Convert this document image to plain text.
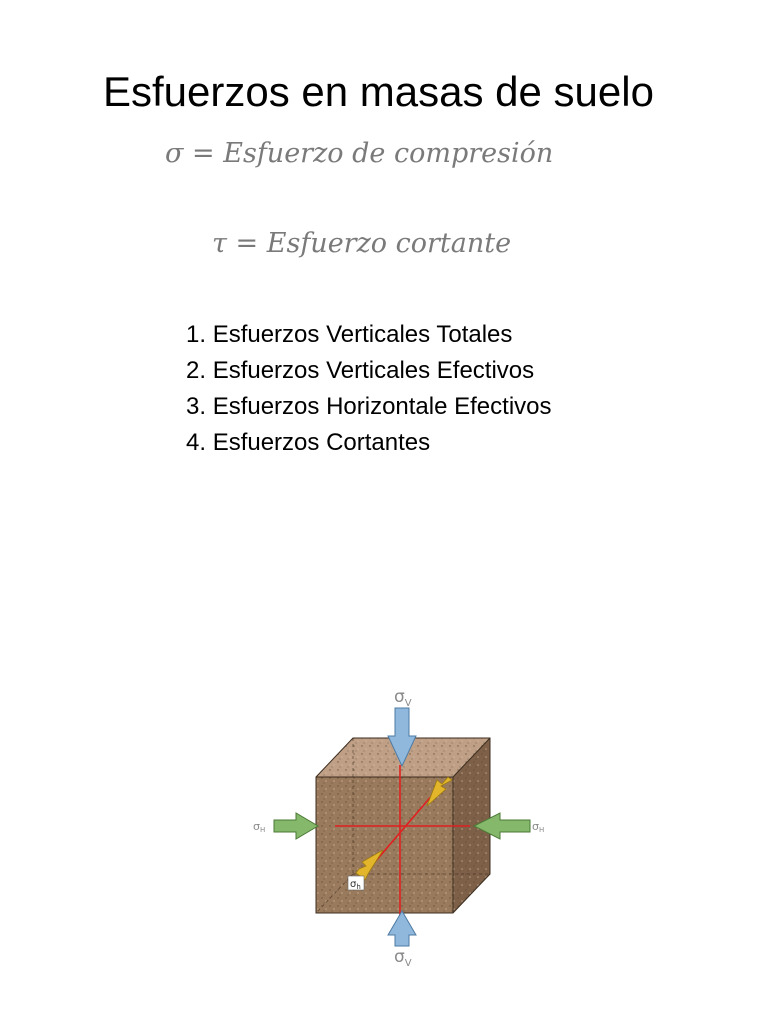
Esfuerzos en masas de suelo
σ = Esfuerzo de compresión
τ = Esfuerzo cortante
1. Esfuerzos Verticales Totales
2. Esfuerzos Verticales Efectivos
3. Esfuerzos Horizontale Efectivos
4. Esfuerzos Cortantes
$\sigma_V$
$\sigma_V$
σH	σH
$\sigma_h$
